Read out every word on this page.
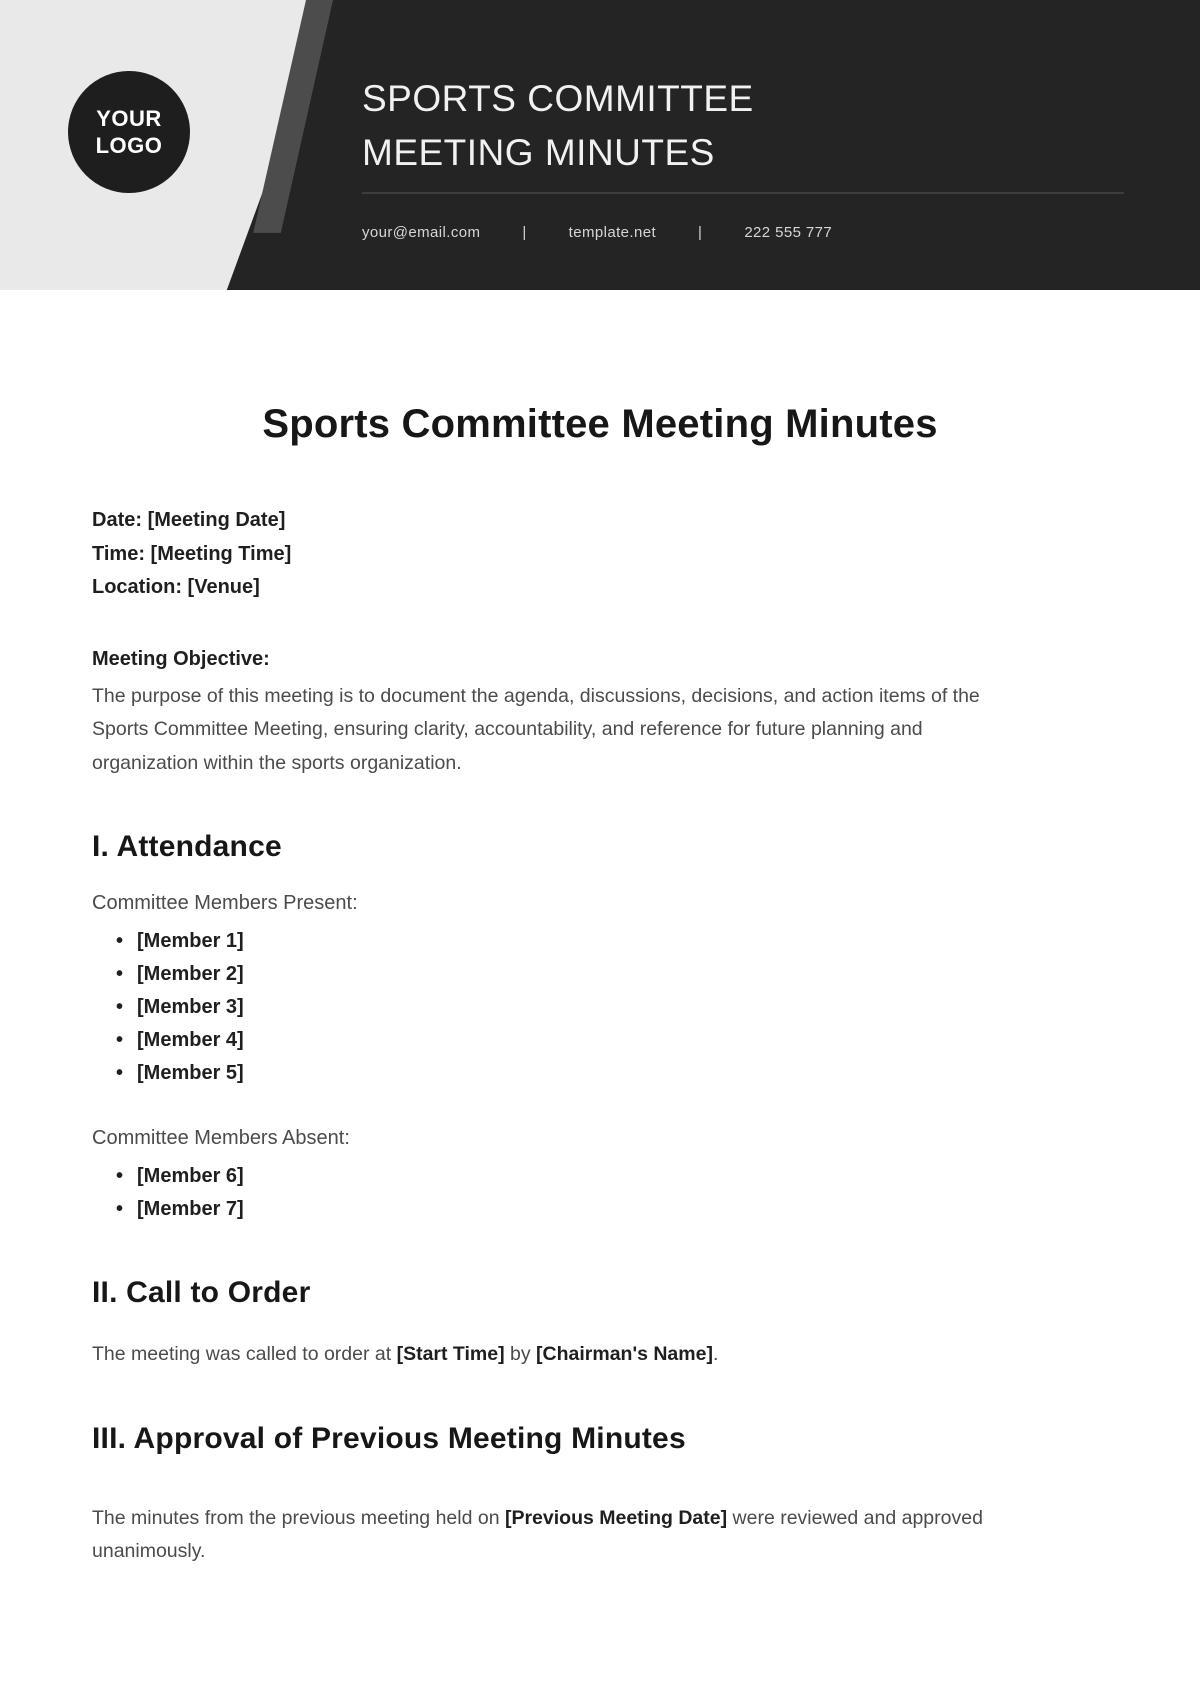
YOUR
LOGO
SPORTS COMMITTEE
MEETING MINUTES
your@email.com	|	template.net	|	222 555 777
Sports Committee Meeting Minutes
Date: [Meeting Date]
Time: [Meeting Time]
Location: [Venue]

Meeting Objective:

The purpose of this meeting is to document the agenda, discussions, decisions, and action items of the Sports Committee Meeting, ensuring clarity, accountability, and reference for future planning and organization within the sports organization.

I. Attendance

Committee Members Present:

• [Member 1]
• [Member 2]
• [Member 3]
• [Member 4]
• [Member 5]

Committee Members Absent:

• [Member 6]
• [Member 7]
II. Call to Order

The meeting was called to order at [Start Time] by [Chairman's Name].

III. Approval of Previous Meeting Minutes

The minutes from the previous meeting held on [Previous Meeting Date] were reviewed and approved unanimously.
